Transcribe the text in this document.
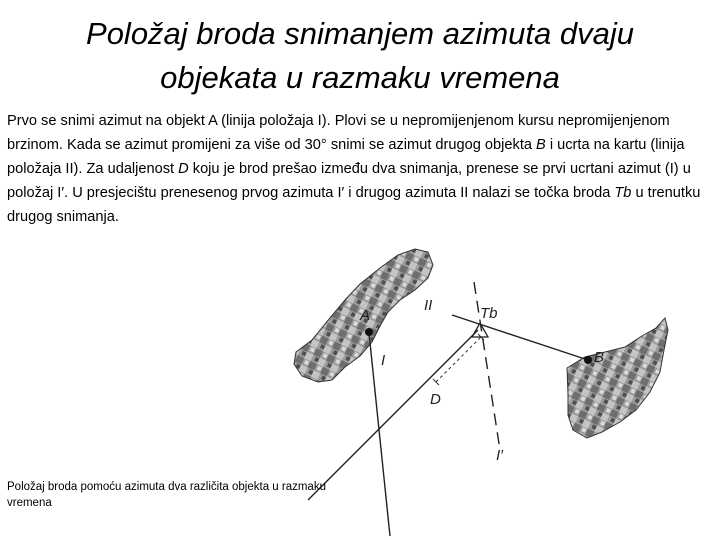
Položaj broda snimanjem azimuta dvaju
objekata u razmaku vremena

Prvo se snimi azimut na objekt A (linija položaja I). Plovi se u nepromijenjenom kursu nepromijenjenom brzinom. Kada se azimut promijeni za više od 30° snimi se azimut drugog objekta B i ucrta na kartu (linija položaja II). Za udaljenost D koju je brod prešao između dva snimanja, prenese se prvi ucrtani azimut (I) u položaj I′. U presjecištu prenesenog prvog azimuta I′ i drugog azimuta II nalazi se točka broda Tb u trenutku drugog snimanja.

A
B
I
II
I′
D
Tb

Položaj broda pomoću azimuta dva različita objekta u razmaku vremena
